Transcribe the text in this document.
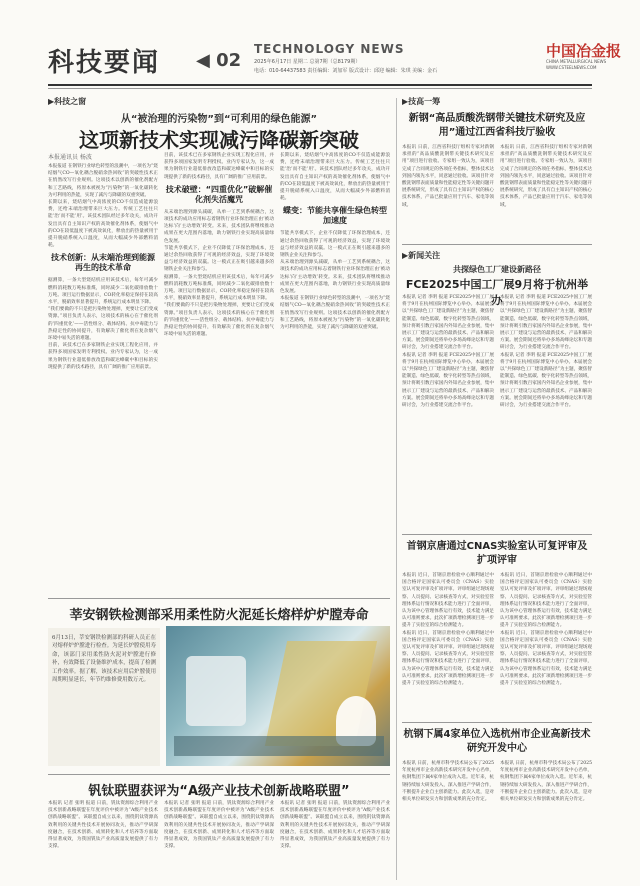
科技要闻 ◀ 02
TECHNOLOGY NEWS
2025年6月17日 星期二 总第7期（总8179期）
电话：010-64437583 责任编辑：刘加军 版式设计：邱迎 编辑：朱琪 美编：金石
中国冶金报
CHINA METALLURGICAL NEWS
WWW.CSTEELNEWS.COM
▶科技之窗
从“被治理的污染物”到“可利用的绿色能源”
这项新技术实现减污降碳新突破
本报通讯员 杨波

本报报道 在钢铁行业绿色转型的浪潮中，一项名为“烧结烟气CO—氧化耦合脱硝余热回收”的突破性技术正在悄然改写行业规则。这项技术以创新的催化剂配方和工艺路线，将原本被视为“污染物”的一氧化碳转化为可利用的热能，实现了减污与降碳的双重突破。

长期以来，烧结烟气中高浓度的CO不仅造成能源浪费，还给末端治理带来巨大压力。传统工艺往往只能‘治’而不能‘用’。该技术团队经过多年攻关，成功开发出具有自主知识产权的高效催化剂体系，使烟气中的CO在较低温度下被高效氧化，释放出的热量被用于提升脱硝系统入口温度，从而大幅减少外部燃料消耗。

技术创新：从末端治理到能源再生的技术革命

据测算，一条大型烧结机应用该技术后，每年可减少燃料消耗数万吨标准煤，同时减少二氧化碳排放数十万吨。项目运行数据显示，CO转化率稳定保持在较高水平，脱硝效率显著提升，系统运行成本明显下降。

“我们要做的不只是把污染物处理掉，更要让它们变成资源。”项目负责人表示，这项技术的核心在于催化剂的‘四重优化’——活性组分、载体结构、抗中毒能力与热稳定性的协同提升，有效解决了催化剂在复杂烟气环境中易失活的难题。

目前，该技术已在多家钢铁企业实现工程化应用，并获得多项国家发明专利授权。业内专家认为，这一成果为钢铁行业超低排放改造和碳达峰碳中和目标的实现提供了新的技术路径，具有广阔的推广应用前景。

目前，该技术已在多家钢铁企业实现工程化应用，并获得多项国家发明专利授权。业内专家认为，这一成果为钢铁行业超低排放改造和碳达峰碳中和目标的实现提供了新的技术路径，具有广阔的推广应用前景。

技术破壁：“四重优化”破解催化剂失活魔咒

从末端治理到源头减碳，从单一工艺到系统耦合，这项技术的成功应用标志着钢铁行业环保治理正由‘被动达标’向‘主动增效’转变。未来，技术团队将继续推动成果在更大范围内落地，助力钢铁行业实现高质量绿色发展。

节能共享模式下，企业不仅降低了环保治理成本，还通过余热回收获得了可观的经济效益，实现了环境效益与经济效益的双赢。这一模式正在吸引越来越多的钢铁企业关注和参与。

据测算，一条大型烧结机应用该技术后，每年可减少燃料消耗数万吨标准煤，同时减少二氧化碳排放数十万吨。项目运行数据显示，CO转化率稳定保持在较高水平，脱硝效率显著提升，系统运行成本明显下降。

“我们要做的不只是把污染物处理掉，更要让它们变成资源。”项目负责人表示，这项技术的核心在于催化剂的‘四重优化’——活性组分、载体结构、抗中毒能力与热稳定性的协同提升，有效解决了催化剂在复杂烟气环境中易失活的难题。

长期以来，烧结烟气中高浓度的CO不仅造成能源浪费，还给末端治理带来巨大压力。传统工艺往往只能‘治’而不能‘用’。该技术团队经过多年攻关，成功开发出具有自主知识产权的高效催化剂体系，使烟气中的CO在较低温度下被高效氧化，释放出的热量被用于提升脱硝系统入口温度，从而大幅减少外部燃料消耗。

蝶变：节能共享催生绿色转型加速度

节能共享模式下，企业不仅降低了环保治理成本，还通过余热回收获得了可观的经济效益，实现了环境效益与经济效益的双赢。这一模式正在吸引越来越多的钢铁企业关注和参与。

从末端治理到源头减碳，从单一工艺到系统耦合，这项技术的成功应用标志着钢铁行业环保治理正由‘被动达标’向‘主动增效’转变。未来，技术团队将继续推动成果在更大范围内落地，助力钢铁行业实现高质量绿色发展。

本报报道 在钢铁行业绿色转型的浪潮中，一项名为“烧结烟气CO—氧化耦合脱硝余热回收”的突破性技术正在悄然改写行业规则。这项技术以创新的催化剂配方和工艺路线，将原本被视为“污染物”的一氧化碳转化为可利用的热能，实现了减污与降碳的双重突破。

莘安钢铁检测部采用柔性防火泥延长熔样炉炉膛寿命

6月13日，莘安钢铁检测部的科研人员正在对熔样炉炉膛进行检查。为延长炉膛使用寿命，该部门采用柔性防火泥对炉膛进行修补，有效降低了设备维护成本，提高了检测工作效率。据了解，该技术应用后炉膛使用周期明显延长，年节约维修费用数万元。

钒钛联盟获评为“A级产业技术创新战略联盟”

本报讯 记者 张明 报道 日前，钒钛资源综合利用产业技术创新战略联盟在年度评价中被评为“A级产业技术创新战略联盟”。该联盟自成立以来，围绕钒钛资源高效利用的关键共性技术开展协同攻关，推动产学研深度融合，在技术创新、成果转化和人才培养等方面取得显著成效，为我国钒钛产业高质量发展提供了有力支撑。

本报讯 记者 张明 报道 日前，钒钛资源综合利用产业技术创新战略联盟在年度评价中被评为“A级产业技术创新战略联盟”。该联盟自成立以来，围绕钒钛资源高效利用的关键共性技术开展协同攻关，推动产学研深度融合，在技术创新、成果转化和人才培养等方面取得显著成效，为我国钒钛产业高质量发展提供了有力支撑。

本报讯 记者 张明 报道 日前，钒钛资源综合利用产业技术创新战略联盟在年度评价中被评为“A级产业技术创新战略联盟”。该联盟自成立以来，围绕钒钛资源高效利用的关键共性技术开展协同攻关，推动产学研深度融合，在技术创新、成果转化和人才培养等方面取得显著成效，为我国钒钛产业高质量发展提供了有力支撑。

▶技高一筹
新钢“高品质酸洗钢带关键技术研究及应用”通过江西省科技厅验收

本报讯 日前，江西省科技厅组织专家对新钢承担的“高品质酸洗钢带关键技术研究及应用”项目进行验收。专家组一致认为，该项目完成了合同规定的各项任务指标，整体技术达到国内领先水平，同意通过验收。该项目针对酸洗钢带表面质量和性能稳定性等关键问题开展系统研究，形成了具有自主知识产权的核心技术体系，产品已批量应用于汽车、家电等领域。

本报讯 日前，江西省科技厅组织专家对新钢承担的“高品质酸洗钢带关键技术研究及应用”项目进行验收。专家组一致认为，该项目完成了合同规定的各项任务指标，整体技术达到国内领先水平，同意通过验收。该项目针对酸洗钢带表面质量和性能稳定性等关键问题开展系统研究，形成了具有自主知识产权的核心技术体系，产品已批量应用于汽车、家电等领域。

▶新闻关注
共探绿色工厂建设新路径
FCE2025中国工厂展9月将于杭州举办

本报讯 记者 李明 报道 FCE2025中国工厂展将于9月在杭州国际博览中心举办。本届展会以“共探绿色工厂建设新路径”为主题，聚焦智能制造、绿色低碳、数字化转型等热点领域，预计将吸引数百家国内外知名企业参展，集中展示工厂建设与运营的最新技术、产品和解决方案。展会期间还将举办多场高峰论坛和专题研讨会，为行业搭建交流合作平台。

本报讯 记者 李明 报道 FCE2025中国工厂展将于9月在杭州国际博览中心举办。本届展会以“共探绿色工厂建设新路径”为主题，聚焦智能制造、绿色低碳、数字化转型等热点领域，预计将吸引数百家国内外知名企业参展，集中展示工厂建设与运营的最新技术、产品和解决方案。展会期间还将举办多场高峰论坛和专题研讨会，为行业搭建交流合作平台。

本报讯 记者 李明 报道 FCE2025中国工厂展将于9月在杭州国际博览中心举办。本届展会以“共探绿色工厂建设新路径”为主题，聚焦智能制造、绿色低碳、数字化转型等热点领域，预计将吸引数百家国内外知名企业参展，集中展示工厂建设与运营的最新技术、产品和解决方案。展会期间还将举办多场高峰论坛和专题研讨会，为行业搭建交流合作平台。

本报讯 记者 李明 报道 FCE2025中国工厂展将于9月在杭州国际博览中心举办。本届展会以“共探绿色工厂建设新路径”为主题，聚焦智能制造、绿色低碳、数字化转型等热点领域，预计将吸引数百家国内外知名企业参展，集中展示工厂建设与运营的最新技术、产品和解决方案。展会期间还将举办多场高峰论坛和专题研讨会，为行业搭建交流合作平台。

首钢京唐通过CNAS实验室认可复评审及扩项评审

本报讯 近日，首钢京唐检验中心顺利通过中国合格评定国家认可委员会（CNAS）实验室认可复评审及扩项评审。评审组通过现场观察、人员提问、记录核查等方式，对实验室管理体系运行情况和技术能力进行了全面评审，认为该中心管理体系运行有效，技术能力满足认可准则要求。此次扩项新增检测项目进一步提升了实验室的综合检测能力。

本报讯 近日，首钢京唐检验中心顺利通过中国合格评定国家认可委员会（CNAS）实验室认可复评审及扩项评审。评审组通过现场观察、人员提问、记录核查等方式，对实验室管理体系运行情况和技术能力进行了全面评审，认为该中心管理体系运行有效，技术能力满足认可准则要求。此次扩项新增检测项目进一步提升了实验室的综合检测能力。

本报讯 近日，首钢京唐检验中心顺利通过中国合格评定国家认可委员会（CNAS）实验室认可复评审及扩项评审。评审组通过现场观察、人员提问、记录核查等方式，对实验室管理体系运行情况和技术能力进行了全面评审，认为该中心管理体系运行有效，技术能力满足认可准则要求。此次扩项新增检测项目进一步提升了实验室的综合检测能力。

本报讯 近日，首钢京唐检验中心顺利通过中国合格评定国家认可委员会（CNAS）实验室认可复评审及扩项评审。评审组通过现场观察、人员提问、记录核查等方式，对实验室管理体系运行情况和技术能力进行了全面评审，认为该中心管理体系运行有效，技术能力满足认可准则要求。此次扩项新增检测项目进一步提升了实验室的综合检测能力。

杭钢下属4家单位入选杭州市企业高新技术研究开发中心

本报讯 日前，杭州市科学技术局公布了2025年度杭州市企业高新技术研究开发中心名单，杭钢集团下属4家单位成功入选。近年来，杭钢持续加大研发投入，深入推进产学研合作，不断提升企业自主创新能力。此次入选，是对相关单位研发实力和创新成果的充分肯定。

本报讯 日前，杭州市科学技术局公布了2025年度杭州市企业高新技术研究开发中心名单，杭钢集团下属4家单位成功入选。近年来，杭钢持续加大研发投入，深入推进产学研合作，不断提升企业自主创新能力。此次入选，是对相关单位研发实力和创新成果的充分肯定。
